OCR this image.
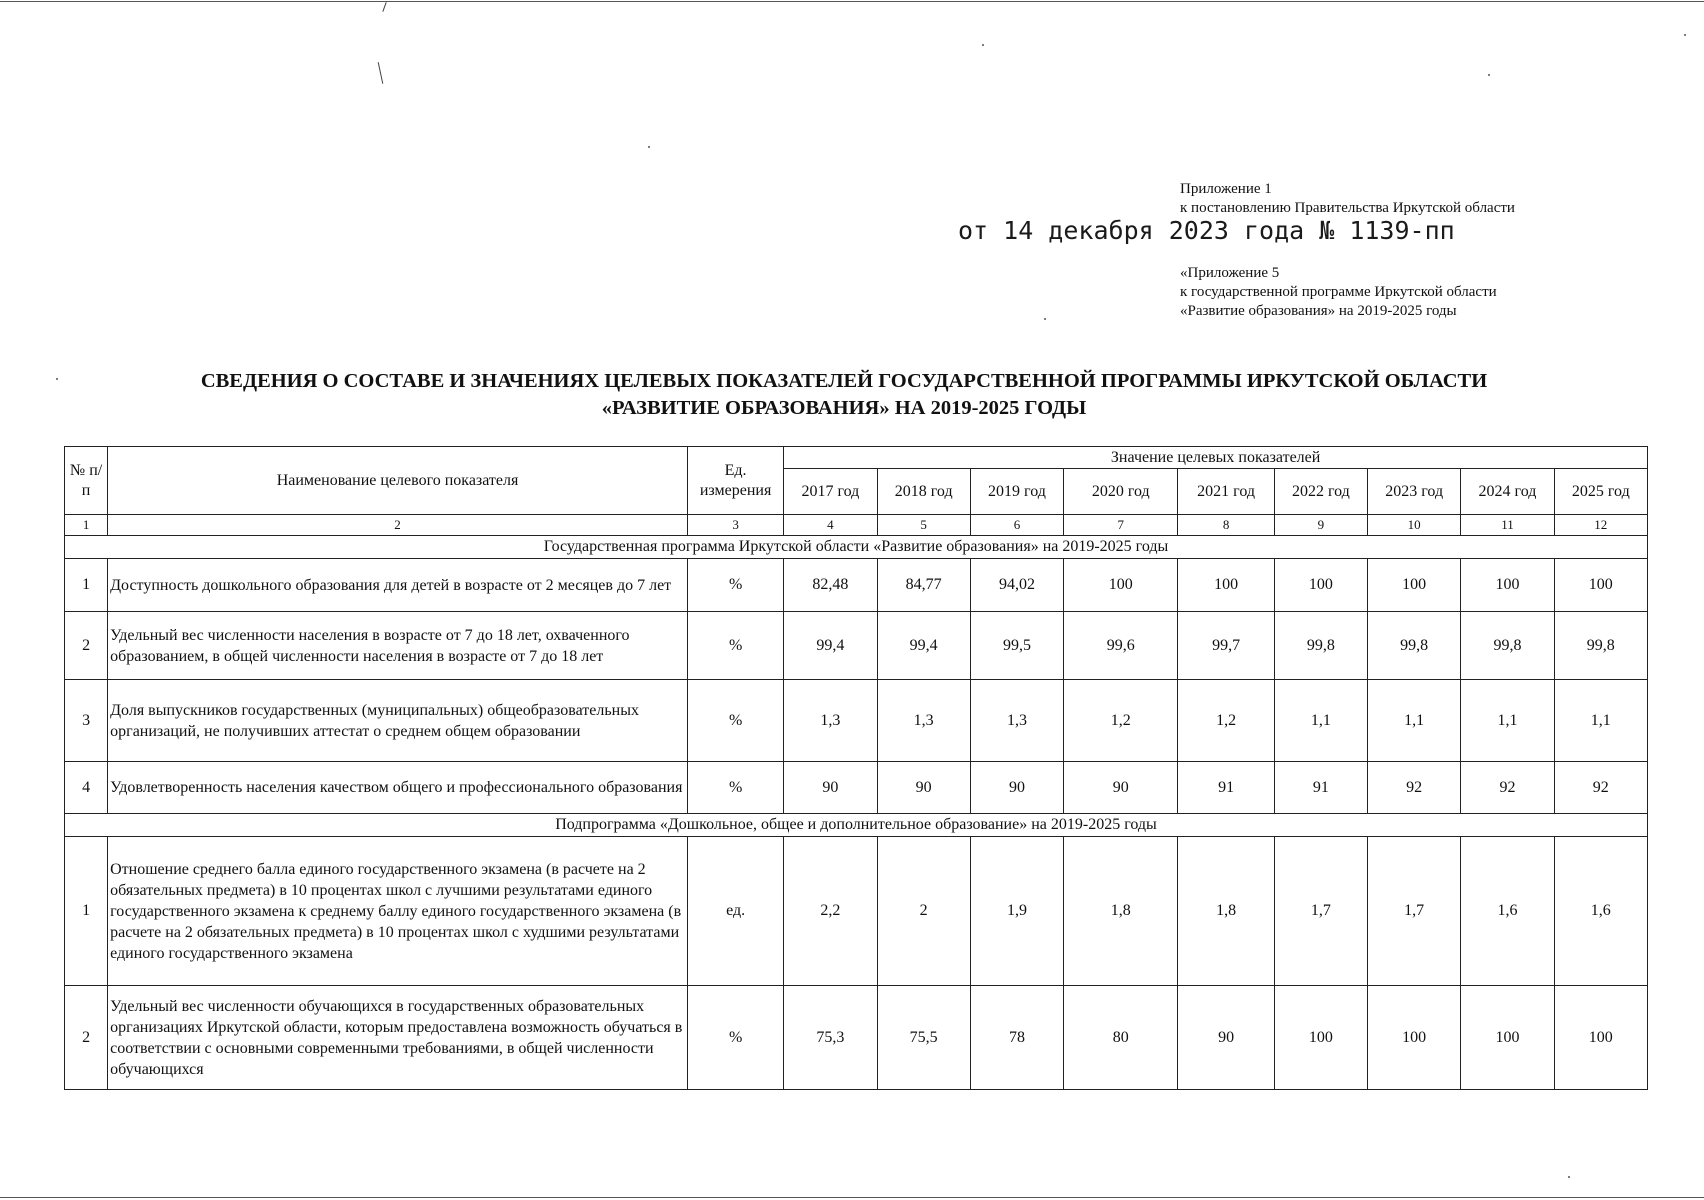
Приложение 1
к постановлению Правительства Иркутской области
от 14 декабря 2023 года № 1139-пп
«Приложение 5
к государственной программе Иркутской области
«Развитие образования» на 2019-2025 годы
СВЕДЕНИЯ О СОСТАВЕ И ЗНАЧЕНИЯХ ЦЕЛЕВЫХ ПОКАЗАТЕЛЕЙ ГОСУДАРСТВЕННОЙ ПРОГРАММЫ ИРКУТСКОЙ ОБЛАСТИ
«РАЗВИТИЕ ОБРАЗОВАНИЯ» НА 2019-2025 ГОДЫ
№ п/п	Наименование целевого показателя	Ед. измерения	Значение целевых показателей								
			2017 год	2018 год	2019 год	2020 год	2021 год	2022 год	2023 год	2024 год	2025 год
1	2	3	4	5	6	7	8	9	10	11	12
Государственная программа Иркутской области «Развитие образования» на 2019-2025 годы											
1	Доступность дошкольного образования для детей в возрасте от 2 месяцев до 7 лет	%	82,48	84,77	94,02	100	100	100	100	100	100
2	Удельный вес численности населения в возрасте от 7 до 18 лет, охваченного образованием, в общей численности населения в возрасте от 7 до 18 лет	%	99,4	99,4	99,5	99,6	99,7	99,8	99,8	99,8	99,8
3	Доля выпускников государственных (муниципальных) общеобразовательных организаций, не получивших аттестат о среднем общем образовании	%	1,3	1,3	1,3	1,2	1,2	1,1	1,1	1,1	1,1
4	Удовлетворенность населения качеством общего и профессионального образования	%	90	90	90	90	91	91	92	92	92
Подпрограмма «Дошкольное, общее и дополнительное образование» на 2019-2025 годы											
1	Отношение среднего балла единого государственного экзамена (в расчете на 2 обязательных предмета) в 10 процентах школ с лучшими результатами единого государственного экзамена к среднему баллу единого государственного экзамена (в расчете на 2 обязательных предмета) в 10 процентах школ с худшими результатами единого государственного экзамена	ед.	2,2	2	1,9	1,8	1,8	1,7	1,7	1,6	1,6
2	Удельный вес численности обучающихся в государственных образовательных организациях Иркутской области, которым предоставлена возможность обучаться в соответствии с основными современными требованиями, в общей численности обучающихся	%	75,3	75,5	78	80	90	100	100	100	100
